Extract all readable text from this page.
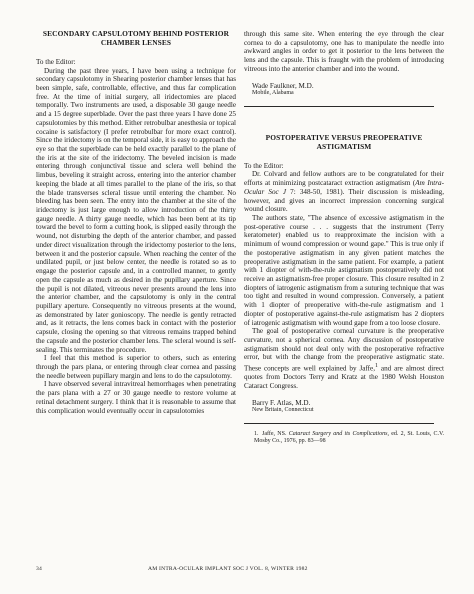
SECONDARY CAPSULOTOMY BEHIND POSTERIOR CHAMBER LENSES

To the Editor:

During the past three years, I have been using a technique for secondary capsulotomy in Shearing posterior chamber lenses that has been simple, safe, controllable, effective, and thus far complication free. At the time of initial surgery, all iridectomies are placed temporally. Two instruments are used, a disposable 30 gauge needle and a 15 degree superblade. Over the past three years I have done 25 capsulotomies by this method. Either retrobulbar anesthesia or topical cocaine is satisfactory (I prefer retrobulbar for more exact control). Since the iridectomy is on the temporal side, it is easy to approach the eye so that the superblade can be held exactly parallel to the plane of the iris at the site of the iridectomy. The beveled incision is made entering through conjunctival tissue and sclera well behind the limbus, beveling it straight across, entering into the anterior chamber keeping the blade at all times parallel to the plane of the iris, so that the blade transverses scleral tissue until entering the chamber. No bleeding has been seen. The entry into the chamber at the site of the iridectomy is just large enough to allow introduction of the thirty gauge needle. A thirty gauge needle, which has been bent at its tip toward the bevel to form a cutting hook, is slipped easily through the wound, not disturbing the depth of the anterior chamber, and passed under direct visualization through the iridectomy posterior to the lens, between it and the posterior capsule. When reaching the center of the undilated pupil, or just below center, the needle is rotated so as to engage the posterior capsule and, in a controlled manner, to gently open the capsule as much as desired in the pupillary aperture. Since the pupil is not dilated, vitreous never presents around the lens into the anterior chamber, and the capsulotomy is only in the central pupillary aperture. Consequently no vitreous presents at the wound, as demonstrated by later gonioscopy. The needle is gently retracted and, as it retracts, the lens comes back in contact with the posterior capsule, closing the opening so that vitreous remains trapped behind the capsule and the posterior chamber lens. The scleral wound is self-sealing. This terminates the procedure.

I feel that this method is superior to others, such as entering through the pars plana, or entering through clear cornea and passing the needle between pupillary margin and lens to do the capsulotomy.

I have observed several intravitreal hemorrhages when penetrating the pars plana with a 27 or 30 gauge needle to restore volume at retinal detachment surgery. I think that it is reasonable to assume that this complication would eventually occur in capsulotomies

through this same site. When entering the eye through the clear cornea to do a capsulotomy, one has to manipulate the needle into awkward angles in order to get it posterior to the lens between the lens and the capsule. This is fraught with the problem of introducing vitreous into the anterior chamber and into the wound.

Wade Faulkner, M.D.

Mobile, Alabama

POSTOPERATIVE VERSUS PREOPERATIVE ASTIGMATISM

To the Editor:

Dr. Colvard and fellow authors are to be congratulated for their efforts at minimizing postcataract extraction astigmatism (Am Intra-Ocular Soc J 7: 348-50, 1981). Their discussion is misleading, however, and gives an incorrect impression concerning surgical wound closure.

The authors state, "The absence of excessive astigmatism in the post-operative course . . . suggests that the instrument (Terry keratometer) enabled us to reapproximate the incision with a minimum of wound compression or wound gape." This is true only if the postoperative astigmatism in any given patient matches the preoperative astigmatism in the same patient. For example, a patient with 1 diopter of with-the-rule astigmatism postoperatively did not receive an astigmatism-free proper closure. This closure resulted in 2 diopters of iatrogenic astigmatism from a suturing technique that was too tight and resulted in wound compression. Conversely, a patient with 1 diopter of preoperative with-the-rule astigmatism and 1 diopter of postoperative against-the-rule astigmatism has 2 diopters of iatrogenic astigmatism with wound gape from a too loose closure.

The goal of postoperative corneal curvature is the preoperative curvature, not a spherical cornea. Any discussion of postoperative astigmatism should not deal only with the postoperative refractive error, but with the change from the preoperative astigmatic state. These concepts are well explained by Jaffe,$^1$ and are almost direct quotes from Doctors Terry and Kratz at the 1980 Welsh Houston Cataract Congress.

Barry F. Atlas, M.D.

New Britain, Connecticut

1. Jaffe, NS. Cataract Surgery and its Complications, ed. 2, St. Louis, C.V. Mosby Co., 1976, pp. 83—98

34	AM INTRA-OCULAR IMPLANT SOC J VOL. 8, WINTER 1982
